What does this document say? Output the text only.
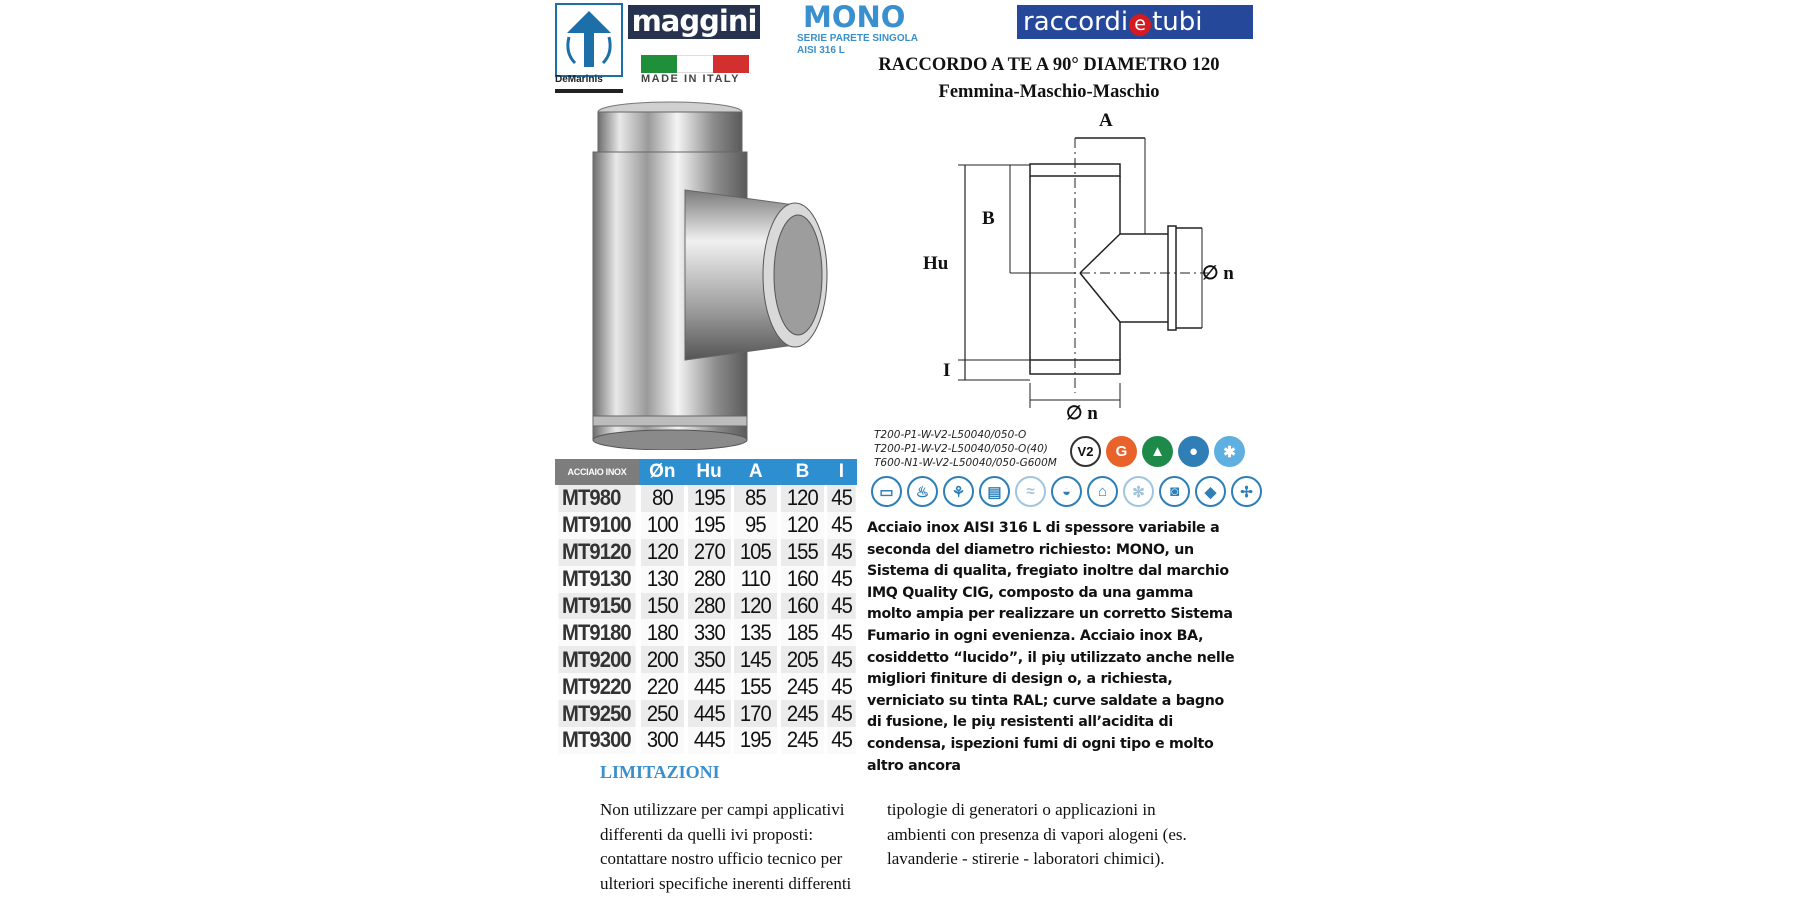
DeMarinis
maggini
MADE IN ITALY
MONO
SERIE PARETE SINGOLA
AISI 316 L
raccordi e tubi
RACCORDO A TE A 90° DIAMETRO 120
Femmina-Maschio-Maschio
A
B
Hu
I
∅ n
∅ n
T200-P1-W-V2-L50040/050-O
T200-P1-W-V2-L50040/050-O(40)
T600-N1-W-V2-L50040/050-G600M
V2	G	▲	●	✱
▭	♨	⚘	▤	≈	◒	⌂	✻	◙	◆	✢
ACCIAIO INOX	Øn	Hu	A	B	I
MT980	80	195	85	120	45
MT9100	100	195	95	120	45
MT9120	120	270	105	155	45
MT9130	130	280	110	160	45
MT9150	150	280	120	160	45
MT9180	180	330	135	185	45
MT9200	200	350	145	205	45
MT9220	220	445	155	245	45
MT9250	250	445	170	245	45
MT9300	300	445	195	245	45
Acciaio inox AISI 316 L di spessore variabile a seconda del diametro richiesto: MONO, un Sistema di qualita, fregiato inoltre dal marchio IMQ Quality CIG, composto da una gamma molto ampia per realizzare un corretto Sistema Fumario in ogni evenienza. Acciaio inox BA, cosiddetto “lucido”, il piu̧ utilizzato anche nelle migliori finiture di design o, a richiesta, verniciato su tinta RAL; curve saldate a bagno di fusione, le piu̧ resistenti all’acidita di condensa, ispezioni fumi di ogni tipo e molto altro ancora
LIMITAZIONI
Non utilizzare per campi applicativi differenti da quelli ivi proposti: contattare nostro ufficio tecnico per ulteriori specifiche inerenti differenti
tipologie di generatori o applicazioni in ambienti con presenza di vapori alogeni (es. lavanderie - stirerie - laboratori chimici).
